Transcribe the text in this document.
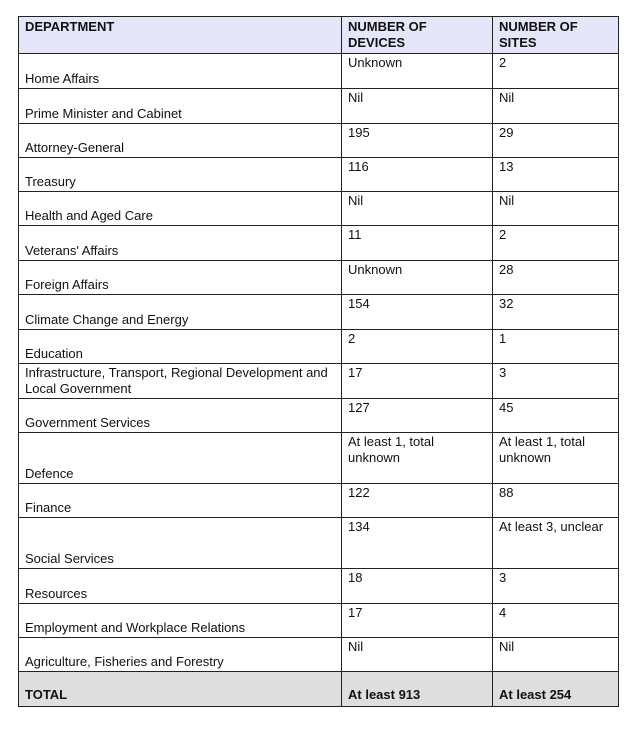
DEPARTMENT	NUMBER OF DEVICES	NUMBER OF SITES
Home Affairs	Unknown	2
Prime Minister and Cabinet	Nil	Nil
Attorney-General	195	29
Treasury	116	13
Health and Aged Care	Nil	Nil
Veterans' Affairs	11	2
Foreign Affairs	Unknown	28
Climate Change and Energy	154	32
Education	2	1
Infrastructure, Transport, Regional Development and Local Government	17	3
Government Services	127	45
Defence	At least 1, total unknown	At least 1, total unknown
Finance	122	88
Social Services	134	At least 3, unclear
Resources	18	3
Employment and Workplace Relations	17	4
Agriculture, Fisheries and Forestry	Nil	Nil
TOTAL	At least 913	At least 254
